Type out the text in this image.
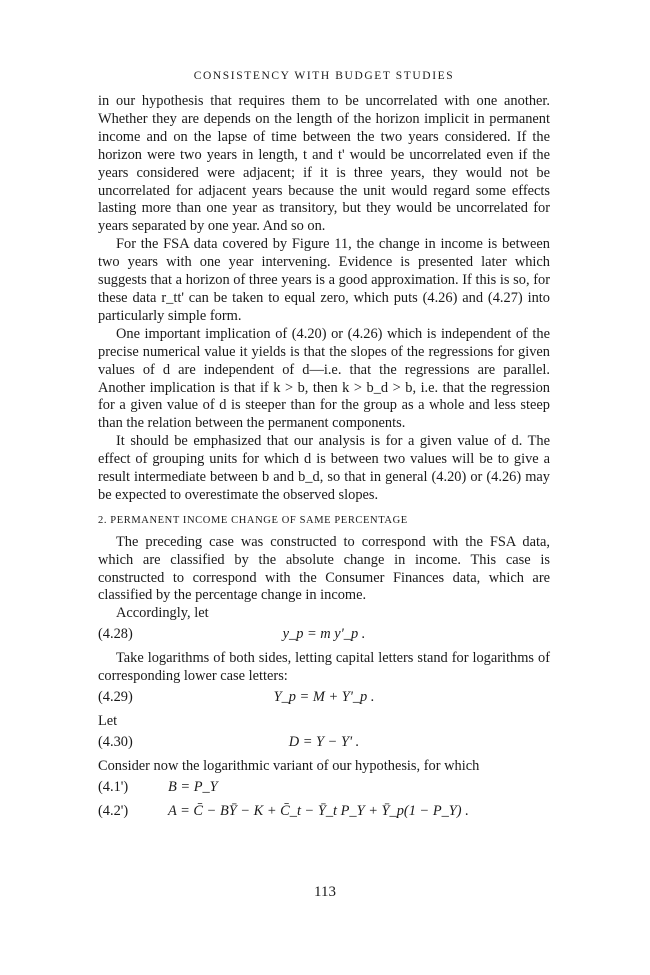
CONSISTENCY WITH BUDGET STUDIES

in our hypothesis that requires them to be uncorrelated with one another. Whether they are depends on the length of the horizon implicit in permanent income and on the lapse of time between the two years considered. If the horizon were two years in length, t and t' would be uncorrelated even if the years considered were adjacent; if it is three years, they would not be uncorrelated for adjacent years because the unit would regard some effects lasting more than one year as transitory, but they would be uncorrelated for years separated by one year. And so on.

For the FSA data covered by Figure 11, the change in income is between two years with one year intervening. Evidence is presented later which suggests that a horizon of three years is a good approximation. If this is so, for these data r_tt' can be taken to equal zero, which puts (4.26) and (4.27) into particularly simple form.

One important implication of (4.20) or (4.26) which is independent of the precise numerical value it yields is that the slopes of the regressions for given values of d are independent of d—i.e. that the regressions are parallel. Another implication is that if k > b, then k > b_d > b, i.e. that the regression for a given value of d is steeper than for the group as a whole and less steep than the relation between the permanent components.

It should be emphasized that our analysis is for a given value of d. The effect of grouping units for which d is between two values will be to give a result intermediate between b and b_d, so that in general (4.20) or (4.26) may be expected to overestimate the observed slopes.

2. PERMANENT INCOME CHANGE OF SAME PERCENTAGE

The preceding case was constructed to correspond with the FSA data, which are classified by the absolute change in income. This case is constructed to correspond with the Consumer Finances data, which are classified by the percentage change in income.

Accordingly, let

(4.28)	y_p = m y'_p .

Take logarithms of both sides, letting capital letters stand for logarithms of corresponding lower case letters:

(4.29)	Y_p = M + Y'_p .

Let

(4.30)	D = Y − Y' .

Consider now the logarithmic variant of our hypothesis, for which

(4.1')	B = P_Y
(4.2')	A = C̄ − BȲ − K + C̄_t − Ȳ_t P_Y + Ȳ_p(1 − P_Y) .
113
